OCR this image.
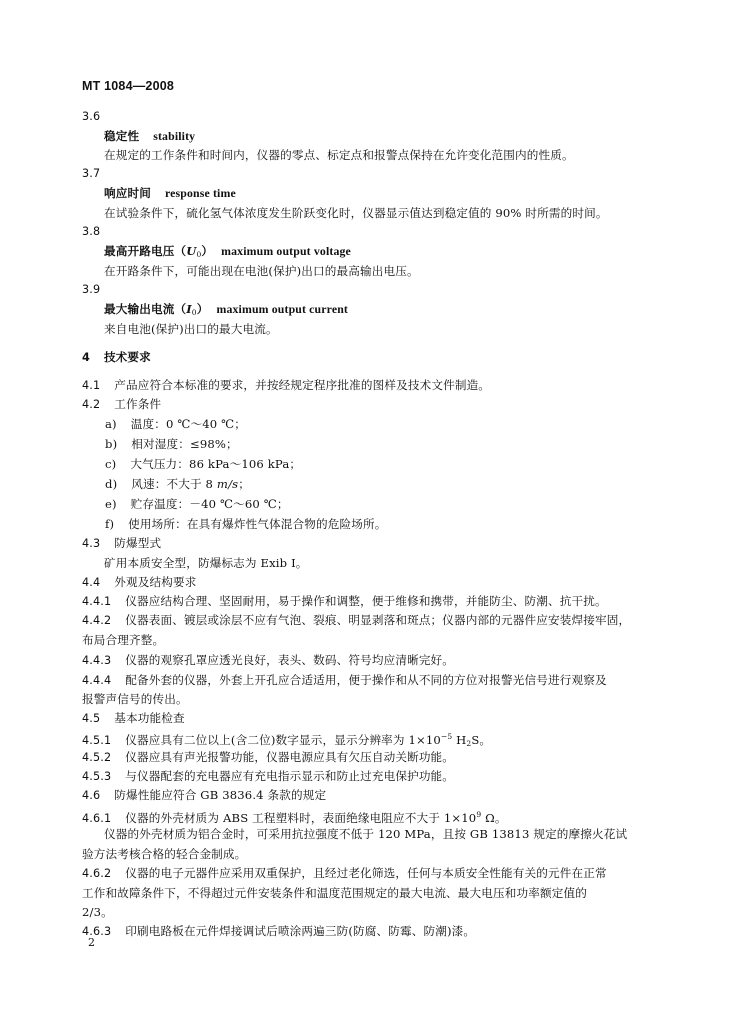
MT 1084—2008
3.6
稳定性 stability
在规定的工作条件和时间内，仪器的零点、标定点和报警点保持在允许变化范围内的性质。
3.7
响应时间 response time
在试验条件下，硫化氢气体浓度发生阶跃变化时，仪器显示值达到稳定值的 90% 时所需的时间。
3.8
最高开路电压$(U_0)$ maximum output voltage
在开路条件下，可能出现在电池(保护)出口的最高输出电压。
3.9
最大输出电流$(I_0)$ maximum output current
来自电池(保护)出口的最大电流。
4 技术要求
4.1 产品应符合本标准的要求，并按经规定程序批准的图样及技术文件制造。
4.2 工作条件
a) 温度：0 ℃～40 ℃；
b) 相对湿度：≤98%；
c) 大气压力：86 kPa～106 kPa；
d) 风速：不大于 8 m/s；
e) 贮存温度：－40 ℃～60 ℃；
f) 使用场所：在具有爆炸性气体混合物的危险场所。
4.3 防爆型式
矿用本质安全型，防爆标志为 Exib Ⅰ。
4.4 外观及结构要求
4.4.1 仪器应结构合理、坚固耐用，易于操作和调整，便于维修和携带，并能防尘、防潮、抗干扰。
4.4.2 仪器表面、镀层或涂层不应有气泡、裂痕、明显剥落和斑点；仪器内部的元器件应安装焊接牢固，
布局合理齐整。
4.4.3 仪器的观察孔罩应透光良好，表头、数码、符号均应清晰完好。
4.4.4 配备外套的仪器，外套上开孔应合适适用，便于操作和从不同的方位对报警光信号进行观察及
报警声信号的传出。
4.5 基本功能检查
4.5.1 仪器应具有二位以上(含二位)数字显示，显示分辨率为 $1\times 10^{-5}$ $H_2S$。
4.5.2 仪器应具有声光报警功能，仪器电源应具有欠压自动关断功能。
4.5.3 与仪器配套的充电器应有充电指示显示和防止过充电保护功能。
4.6 防爆性能应符合 GB 3836.4 条款的规定
4.6.1 仪器的外壳材质为 ABS 工程塑料时，表面绝缘电阻应不大于 $1\times 10^9$ Ω。
仪器的外壳材质为铝合金时，可采用抗拉强度不低于 120 MPa，且按 GB 13813 规定的摩擦火花试
验方法考核合格的轻合金制成。
4.6.2 仪器的电子元器件应采用双重保护，且经过老化筛选，任何与本质安全性能有关的元件在正常
工作和故障条件下，不得超过元件安装条件和温度范围规定的最大电流、最大电压和功率额定值的
2/3。
4.6.3 印刷电路板在元件焊接调试后喷涂两遍三防(防腐、防霉、防潮)漆。
2
